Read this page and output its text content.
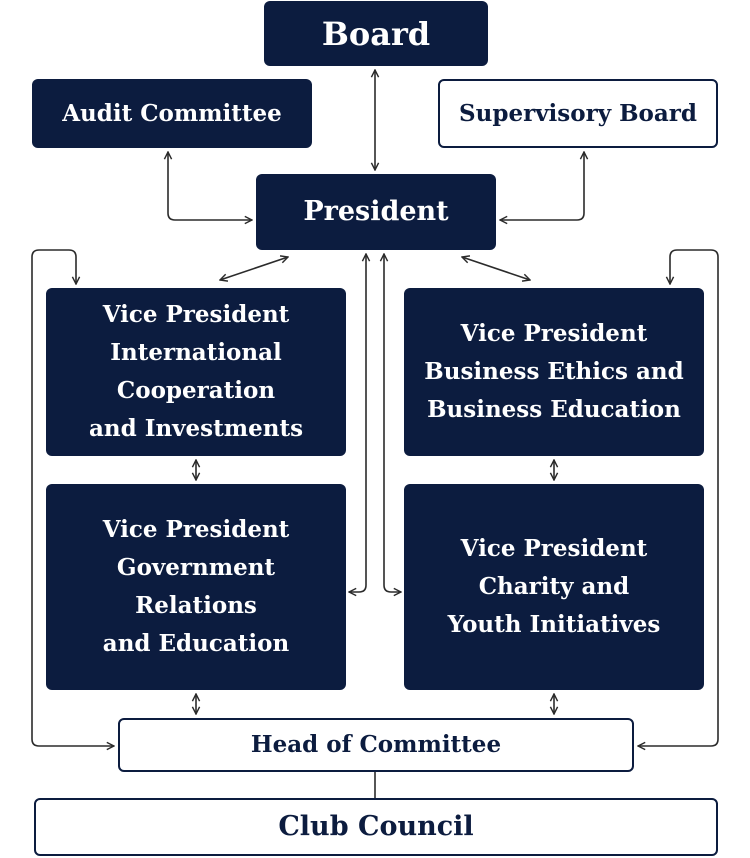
Board
Audit Committee	Supervisory Board
President
Vice President
International
Cooperation
and Investments
Vice President
Business Ethics and
Business Education
Vice President
Government
Relations
and Education
Vice President
Charity and
Youth Initiatives
Head of Committee
Club Council
